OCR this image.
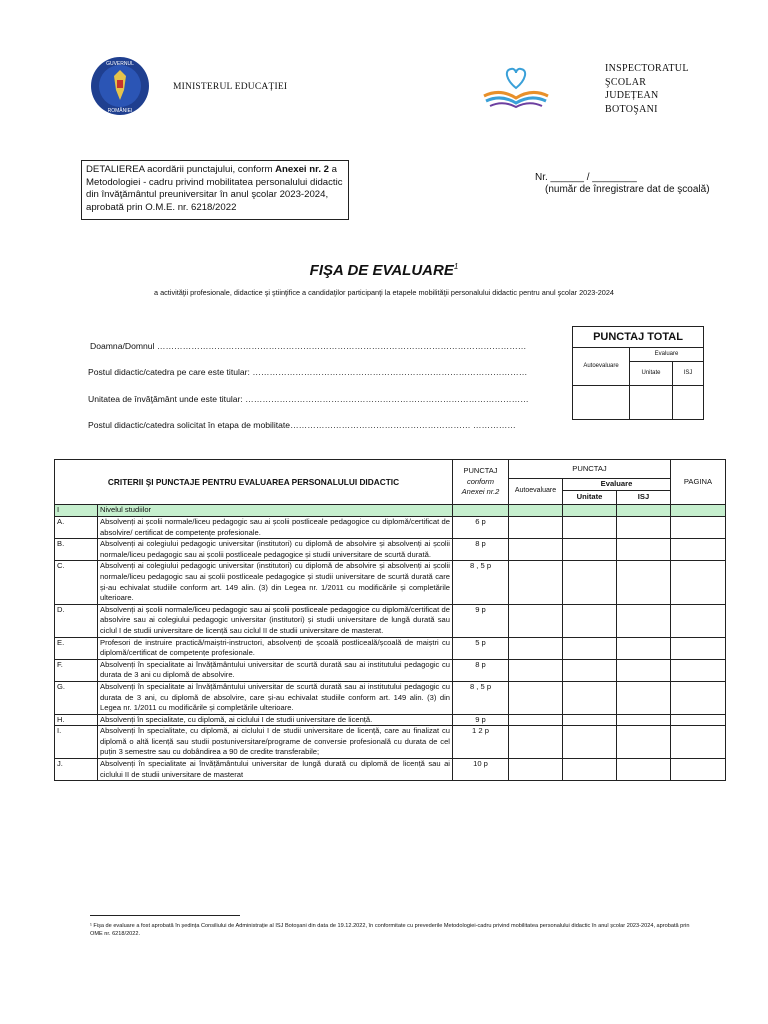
GUVERNUL
ROMÂNIEI
MINISTERUL EDUCAȚIEI
INSPECTORATUL
ŞCOLAR
JUDEȚEAN
BOTOŞANI
DETALIEREA acordării punctajului, conform Anexei nr. 2 a Metodologiei - cadru privind mobilitatea personalului didactic din învăţământul preuniversitar în anul şcolar 2023-2024, aprobată prin O.M.E. nr. 6218/2022
Nr. ______ / ________
(număr de înregistrare dat de şcoală)
FIŞA DE EVALUARE$^1$
a activităţii profesionale, didactice şi ştiinţifice a candidaţilor participanţi la etapele mobilităţii personalului didactic pentru anul şcolar 2023-2024
Doamna/Domnul …………………………………………………………………………………………………………………
Postul didactic/catedra pe care este titular: ……………………………………………………………………………………
Unitatea de învăţământ unde este titular: ………………………………………………………………………………………
Postul didactic/catedra solicitat în etapa de mobilitate……………………………………………………… ……………
PUNCTAJ TOTAL
Autoevaluare
Evaluare
Unitate	ISJ
CRITERII ŞI PUNCTAJE PENTRU EVALUAREA PERSONALULUI DIDACTIC		PUNCTAJ
conform
Anexei nr.2	PUNCTAJ			PAGINA
			Autoevaluare	Evaluare		
				Unitate	ISJ	
I	Nivelul studiilor					
A.	Absolvenți ai școlii normale/liceu pedagogic sau ai școlii postliceale pedagogice cu diplomă/certificat de absolvire/ certificat de competențe profesionale.	6 p				
B.	Absolvenți ai colegiului pedagogic universitar (institutori) cu diplomă de absolvire și absolvenți ai școlii normale/liceu pedagogic sau ai școlii postliceale pedagogice și studii universitare de scurtă durată.	8 p				
C.	Absolvenți ai colegiului pedagogic universitar (institutori) cu diplomă de absolvire și absolvenți ai școlii normale/liceu pedagogic sau ai școlii postliceale pedagogice și studii universitare de scurtă durată care și-au echivalat studiile conform art. 149 alin. (3) din Legea nr. 1/2011 cu modificările și completările ulterioare.	8 , 5 p				
D.	Absolvenți ai școlii normale/liceu pedagogic sau ai școlii postliceale pedagogice cu diplomă/certificat de absolvire sau ai colegiului pedagogic universitar (institutori) și studii universitare de lungă durată sau ciclul I de studii universitare de licență sau ciclul II de studii universitare de masterat.	9 p				
E.	Profesori de instruire practică/maiștri-instructori, absolvenți de școală postliceală/școală de maiștri cu diplomă/certificat de competențe profesionale.	5 p				
F.	Absolvenți în specialitate ai învățământului universitar de scurtă durată sau ai institutului pedagogic cu durata de 3 ani cu diplomă de absolvire.	8 p				
G.	Absolvenți în specialitate ai învățământului universitar de scurtă durată sau ai institutului pedagogic cu durata de 3 ani, cu diplomă de absolvire, care și-au echivalat studiile conform art. 149 alin. (3) din Legea nr. 1/2011 cu modificările și completările ulterioare.	8 , 5 p				
H.	Absolvenți în specialitate, cu diplomă, ai ciclului I de studii universitare de licență.	9 p				
I.	Absolvenți în specialitate, cu diplomă, ai ciclului I de studii universitare de licență, care au finalizat cu diplomă o altă licență sau studii postuniversitare/programe de conversie profesională cu durata de cel puțin 3 semestre sau cu dobândirea a 90 de credite transferabile;	1 2 p				
J.	Absolvenți în specialitate ai învățământului universitar de lungă durată cu diplomă de licență sau ai ciclului II de studii universitare de masterat	10 p				
¹ Fișa de evaluare a fost aprobată în ședința Consiliului de Administrație al ISJ Botoșani din data de 19.12.2022, în conformitate cu prevederile Metodologiei-cadru privind mobilitatea personalului didactic în anul școlar 2023-2024, aprobată prin OME nr. 6218/2022.
